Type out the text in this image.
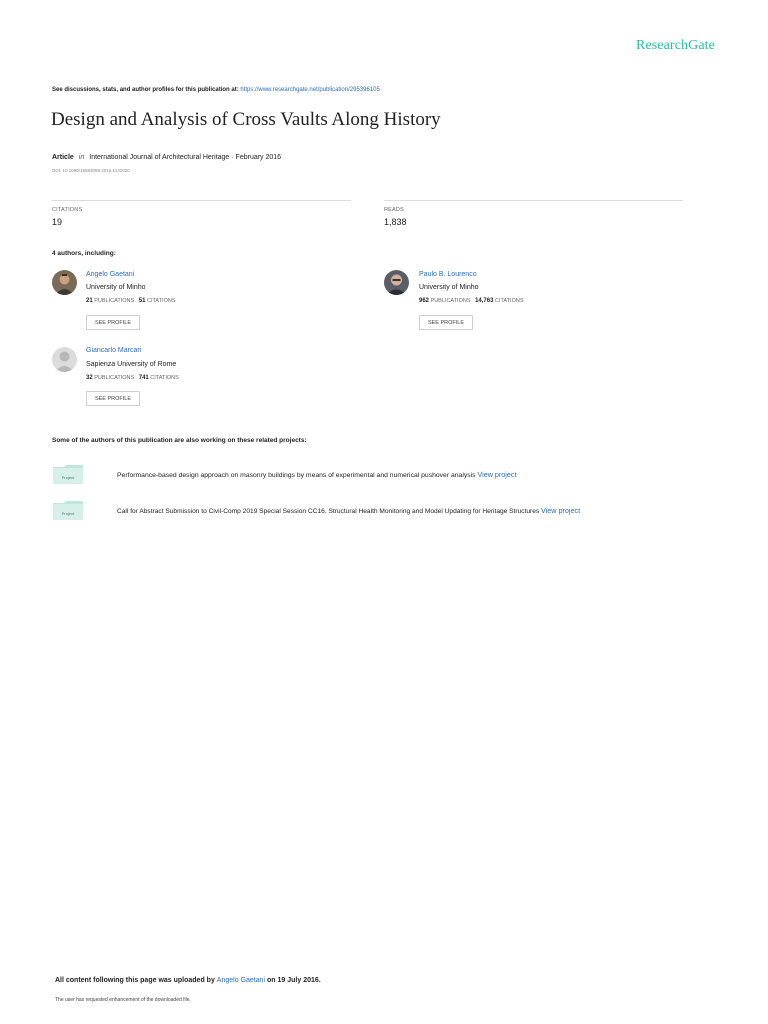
ResearchGate
See discussions, stats, and author profiles for this publication at: https://www.researchgate.net/publication/295396105
Design and Analysis of Cross Vaults Along History
Article in International Journal of Architectural Heritage · February 2016
DOI: 10.1080/15583058.2015.1132020
CITATIONS
19
READS
1,838
4 authors, including:
Angelo Gaetani
University of Minho
21 PUBLICATIONS 51 CITATIONS
SEE PROFILE
Paulo B. Lourenco
University of Minho
962 PUBLICATIONS 14,763 CITATIONS
SEE PROFILE
Giancarlo Marcari
Sapienza University of Rome
32 PUBLICATIONS 741 CITATIONS
SEE PROFILE
Some of the authors of this publication are also working on these related projects:
Project	Performance-based design approach on masonry buildings by means of experimental and numerical pushover analysis View project
Project	Call for Abstract Submission to Civil-Comp 2019 Special Session CC16. Structural Health Monitoring and Model Updating for Heritage Structures View project
All content following this page was uploaded by Angelo Gaetani on 19 July 2016.
The user has requested enhancement of the downloaded file.
